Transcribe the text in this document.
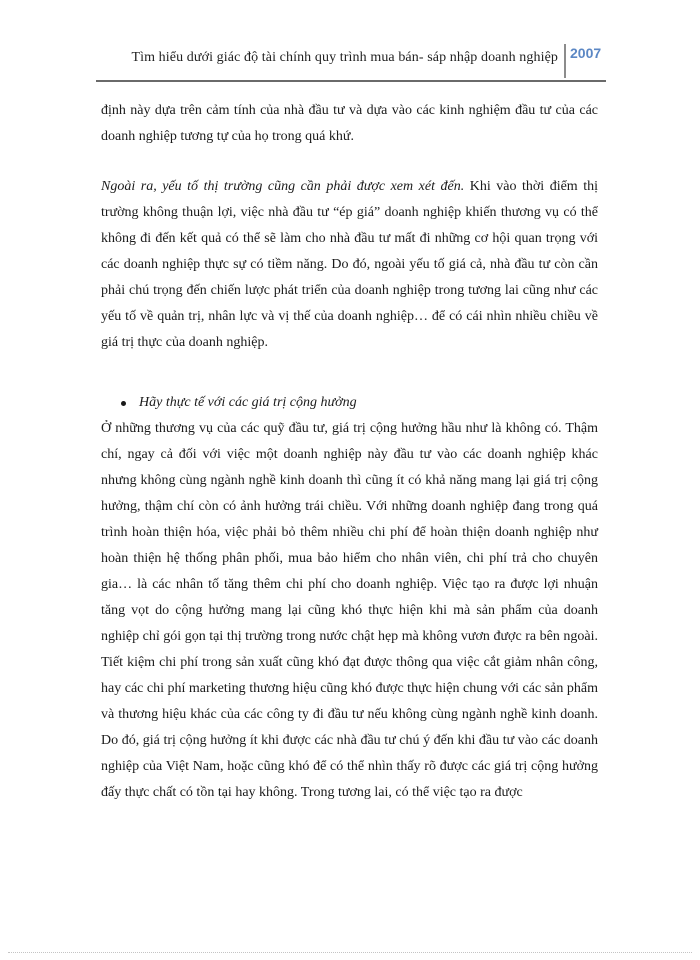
Tìm hiểu dưới giác độ tài chính quy trình mua bán- sáp nhập doanh nghiệp 2007

định này dựa trên cảm tính của nhà đầu tư và dựa vào các kinh nghiệm đầu tư của các doanh nghiệp tương tự của họ trong quá khứ.

Ngoài ra, yếu tố thị trường cũng cần phải được xem xét đến. Khi vào thời điểm thị trường không thuận lợi, việc nhà đầu tư “ép giá” doanh nghiệp khiến thương vụ có thể không đi đến kết quả có thể sẽ làm cho nhà đầu tư mất đi những cơ hội quan trọng với các doanh nghiệp thực sự có tiềm năng. Do đó, ngoài yếu tố giá cả, nhà đầu tư còn cần phải chú trọng đến chiến lược phát triển của doanh nghiệp trong tương lai cũng như các yếu tố về quản trị, nhân lực và vị thế của doanh nghiệp… để có cái nhìn nhiều chiều về giá trị thực của doanh nghiệp.

Hãy thực tế với các giá trị cộng hưởng

Ở những thương vụ của các quỹ đầu tư, giá trị cộng hưởng hầu như là không có. Thậm chí, ngay cả đối với việc một doanh nghiệp này đầu tư vào các doanh nghiệp khác nhưng không cùng ngành nghề kinh doanh thì cũng ít có khả năng mang lại giá trị cộng hưởng, thậm chí còn có ảnh hưởng trái chiều. Với những doanh nghiệp đang trong quá trình hoàn thiện hóa, việc phải bỏ thêm nhiều chi phí để hoàn thiện doanh nghiệp như hoàn thiện hệ thống phân phối, mua bảo hiểm cho nhân viên, chi phí trả cho chuyên gia… là các nhân tố tăng thêm chi phí cho doanh nghiệp. Việc tạo ra được lợi nhuận tăng vọt do cộng hưởng mang lại cũng khó thực hiện khi mà sản phẩm của doanh nghiệp chỉ gói gọn tại thị trường trong nước chật hẹp mà không vươn được ra bên ngoài. Tiết kiệm chi phí trong sản xuất cũng khó đạt được thông qua việc cắt giảm nhân công, hay các chi phí marketing thương hiệu cũng khó được thực hiện chung với các sản phẩm và thương hiệu khác của các công ty đi đầu tư nếu không cùng ngành nghề kinh doanh. Do đó, giá trị cộng hưởng ít khi được các nhà đầu tư chú ý đến khi đầu tư vào các doanh nghiệp của Việt Nam, hoặc cũng khó để có thể nhìn thấy rõ được các giá trị cộng hưởng đấy thực chất có tồn tại hay không. Trong tương lai, có thể việc tạo ra được
